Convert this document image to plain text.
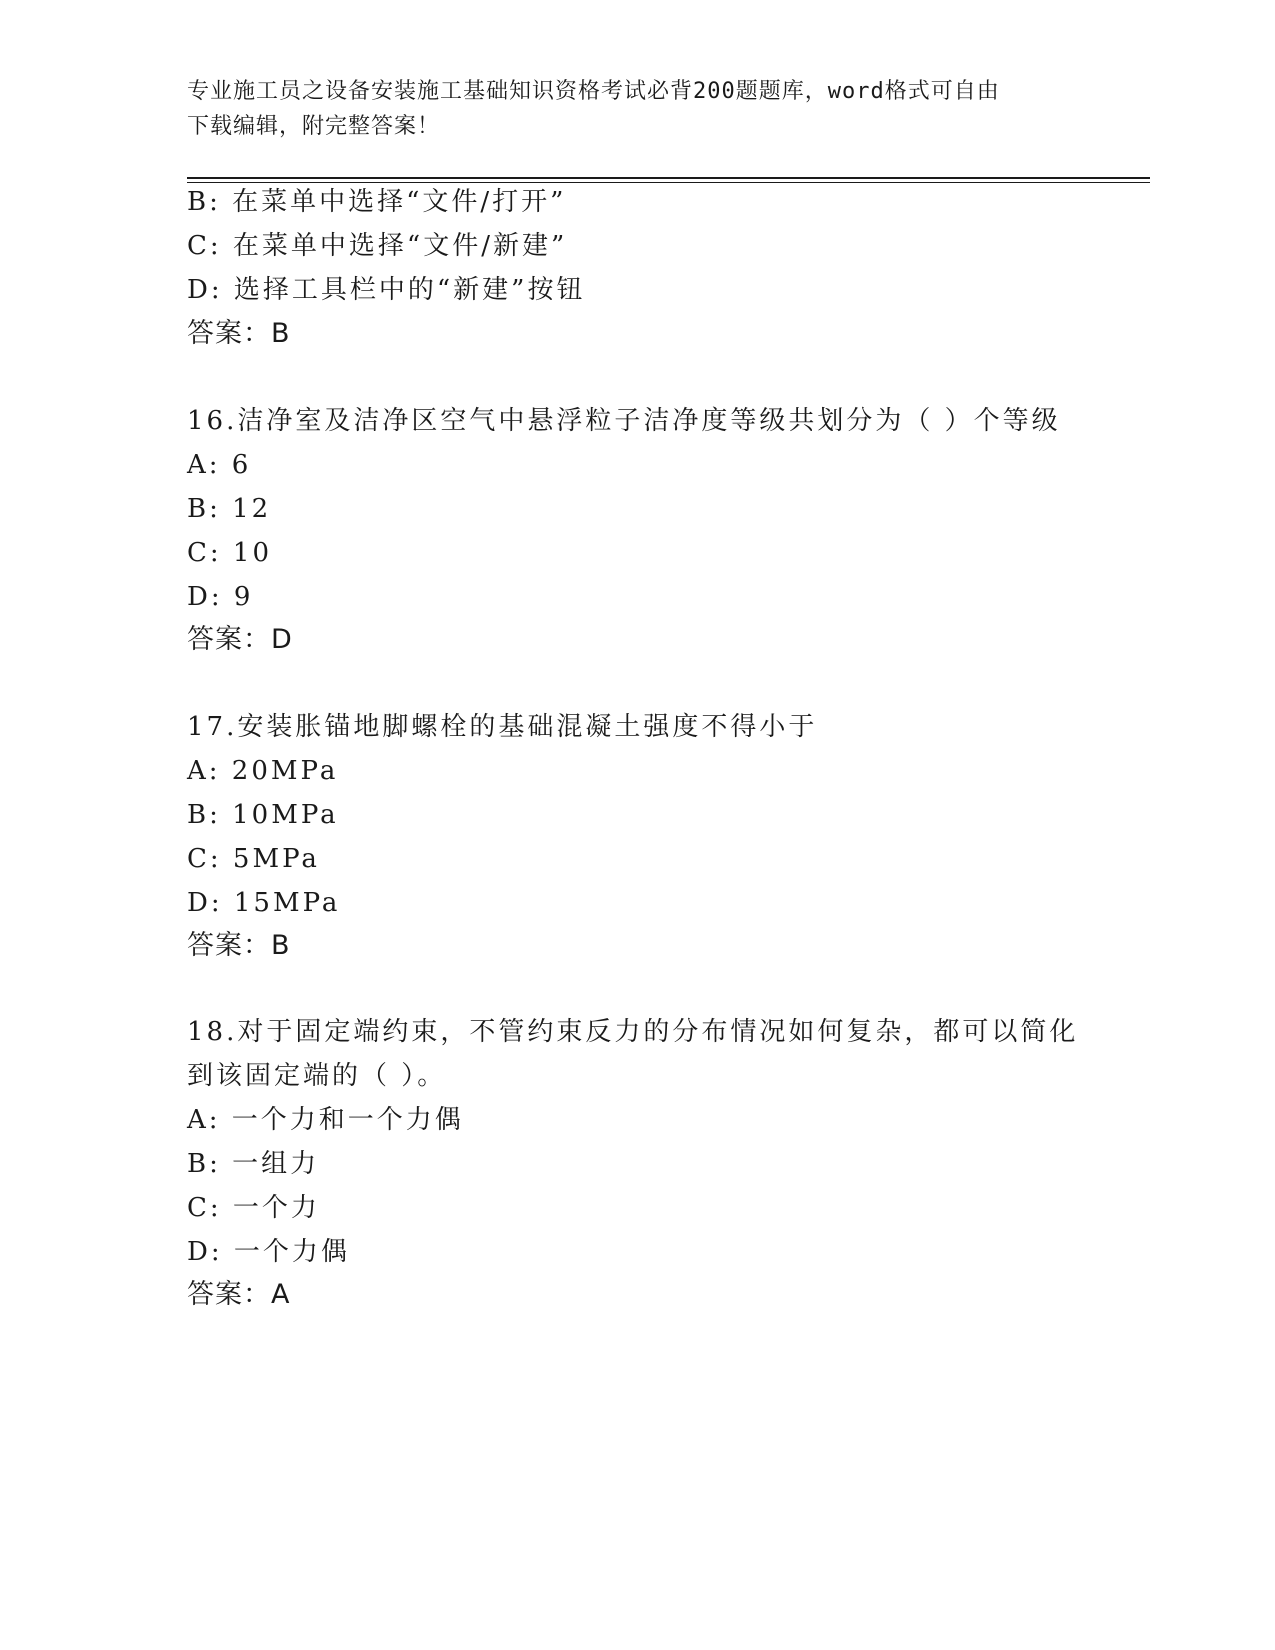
专业施工员之设备安装施工基础知识资格考试必背200题题库，word格式可自由
下载编辑，附完整答案！
B: 在菜单中选择“文件/打开”
C: 在菜单中选择“文件/新建”
D: 选择工具栏中的“新建”按钮
答案：B
16.洁净室及洁净区空气中悬浮粒子洁净度等级共划分为（ ）个等级
A: 6
B: 12
C: 10
D: 9
答案：D
17.安装胀锚地脚螺栓的基础混凝土强度不得小于
A: 20MPa
B: 10MPa
C: 5MPa
D: 15MPa
答案：B
18.对于固定端约束，不管约束反力的分布情况如何复杂，都可以简化
到该固定端的（ ）。
A: 一个力和一个力偶
B: 一组力
C: 一个力
D: 一个力偶
答案：A
